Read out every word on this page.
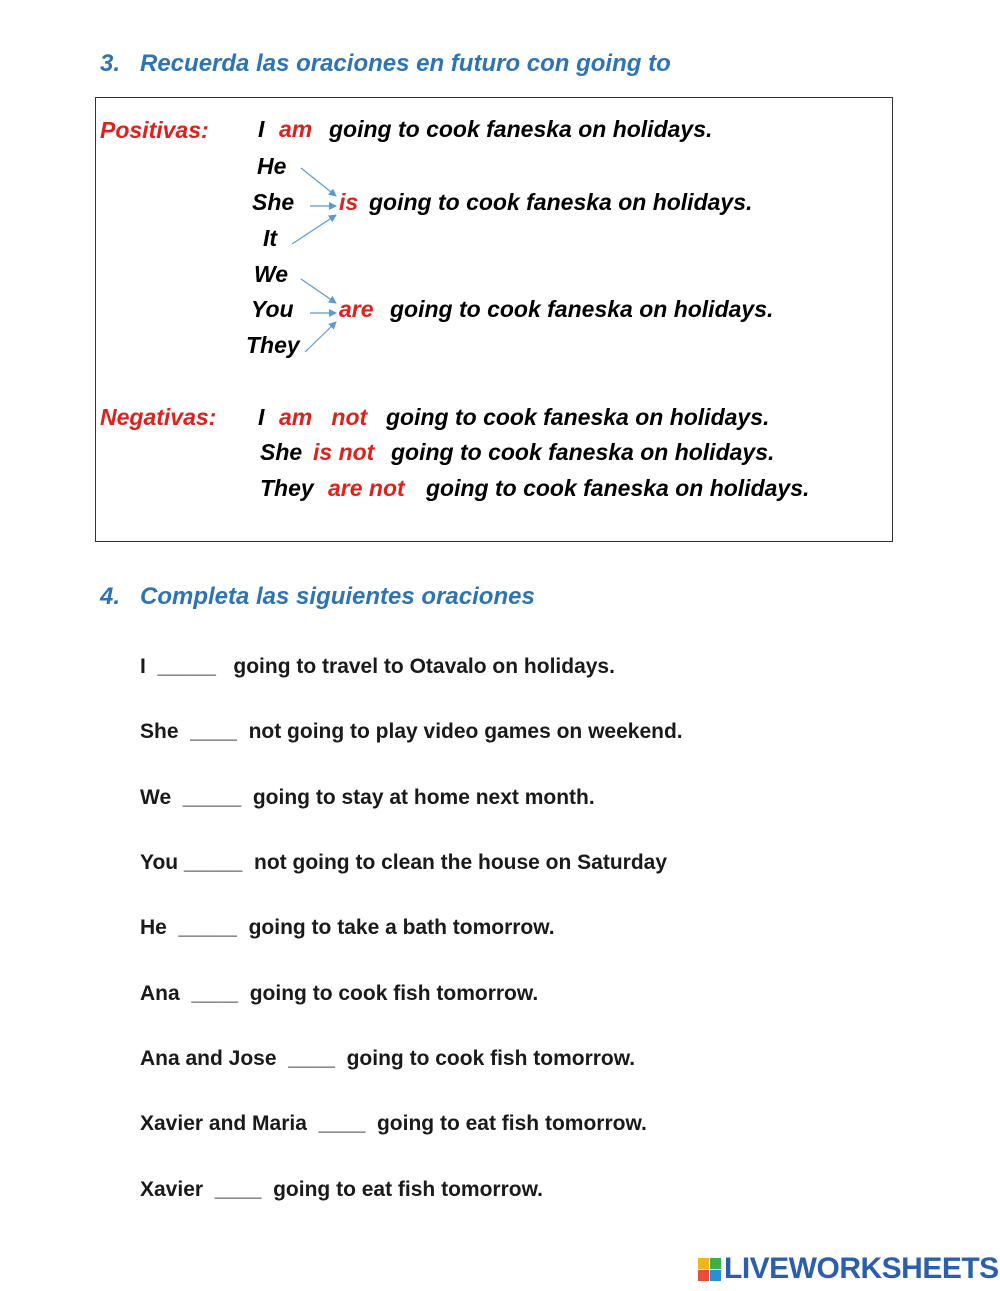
3. Recuerda las oraciones en futuro con going to
Positivas: I am going to cook faneska on holidays.
He
She
It
is going to cook faneska on holidays.
We
You
They
are going to cook faneska on holidays.
Negativas: I am   not going to cook faneska on holidays.
She is not going to cook faneska on holidays.
They are not going to cook faneska on holidays.
4. Completa las siguientes oraciones
I  _____   going to travel to Otavalo on holidays.
She  ____  not going to play video games on weekend.
We  _____  going to stay at home next month.
You _____  not going to clean the house on Saturday
He  _____  going to take a bath tomorrow.
Ana  ____  going to cook fish tomorrow.
Ana and Jose  ____  going to cook fish tomorrow.
Xavier and Maria  ____  going to eat fish tomorrow.
Xavier  ____  going to eat fish tomorrow.
LIVEWORKSHEETS
